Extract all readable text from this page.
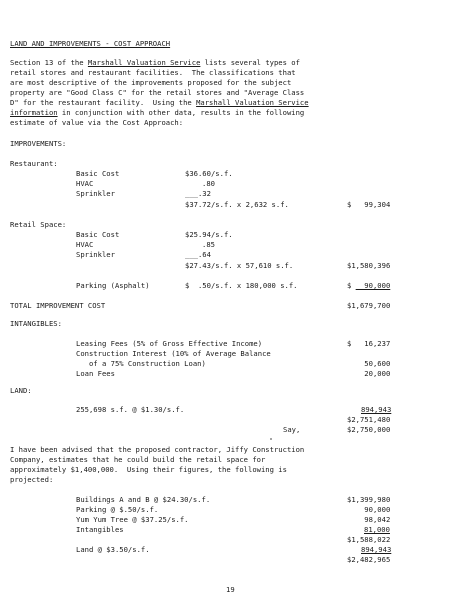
LAND AND IMPROVEMENTS - COST APPROACH
Section 13 of the Marshall Valuation Service lists several types of
retail stores and restaurant facilities.  The classifications that
are most descriptive of the improvements proposed for the subject
property are "Good Class C" for the retail stores and "Average Class
D" for the restaurant facility.  Using the Marshall Valuation Service
information in conjunction with other data, results in the following
estimate of value via the Cost Approach:
IMPROVEMENTS:
Restaurant:
Basic Cost	$36.60/s.f.
HVAC	.80
Sprinkler	___.32
$37.72/s.f. x 2,632 s.f.	$   99,304
Retail Space:
Basic Cost	$25.94/s.f.
HVAC	.85
Sprinkler	___.64
$27.43/s.f. x 57,610 s.f.	$1,580,396
Parking (Asphalt)	$  .50/s.f. x 180,000 s.f.	$   90,000
TOTAL IMPROVEMENT COST	$1,679,700
INTANGIBLES:
Leasing Fees (5% of Gross Effective Income)	$   16,237
Construction Interest (10% of Average Balance
of a 75% Construction Loan)	50,600
Loan Fees	20,000
LAND:
255,698 s.f. @ $1.30/s.f.	894,943
$2,751,480
Say,	$2,750,000
I have been advised that the proposed contractor, Jiffy Construction
Company, estimates that he could build the retail space for
approximately $1,400,000.  Using their figures, the following is
projected:
Buildings A and B @ $24.30/s.f.	$1,399,980
Parking @ $.50/s.f.	90,000
Yum Yum Tree @ $37.25/s.f.	98,042
Intangibles	81,000
$1,588,022
Land @ $3.50/s.f.	894,943
$2,482,965
19
